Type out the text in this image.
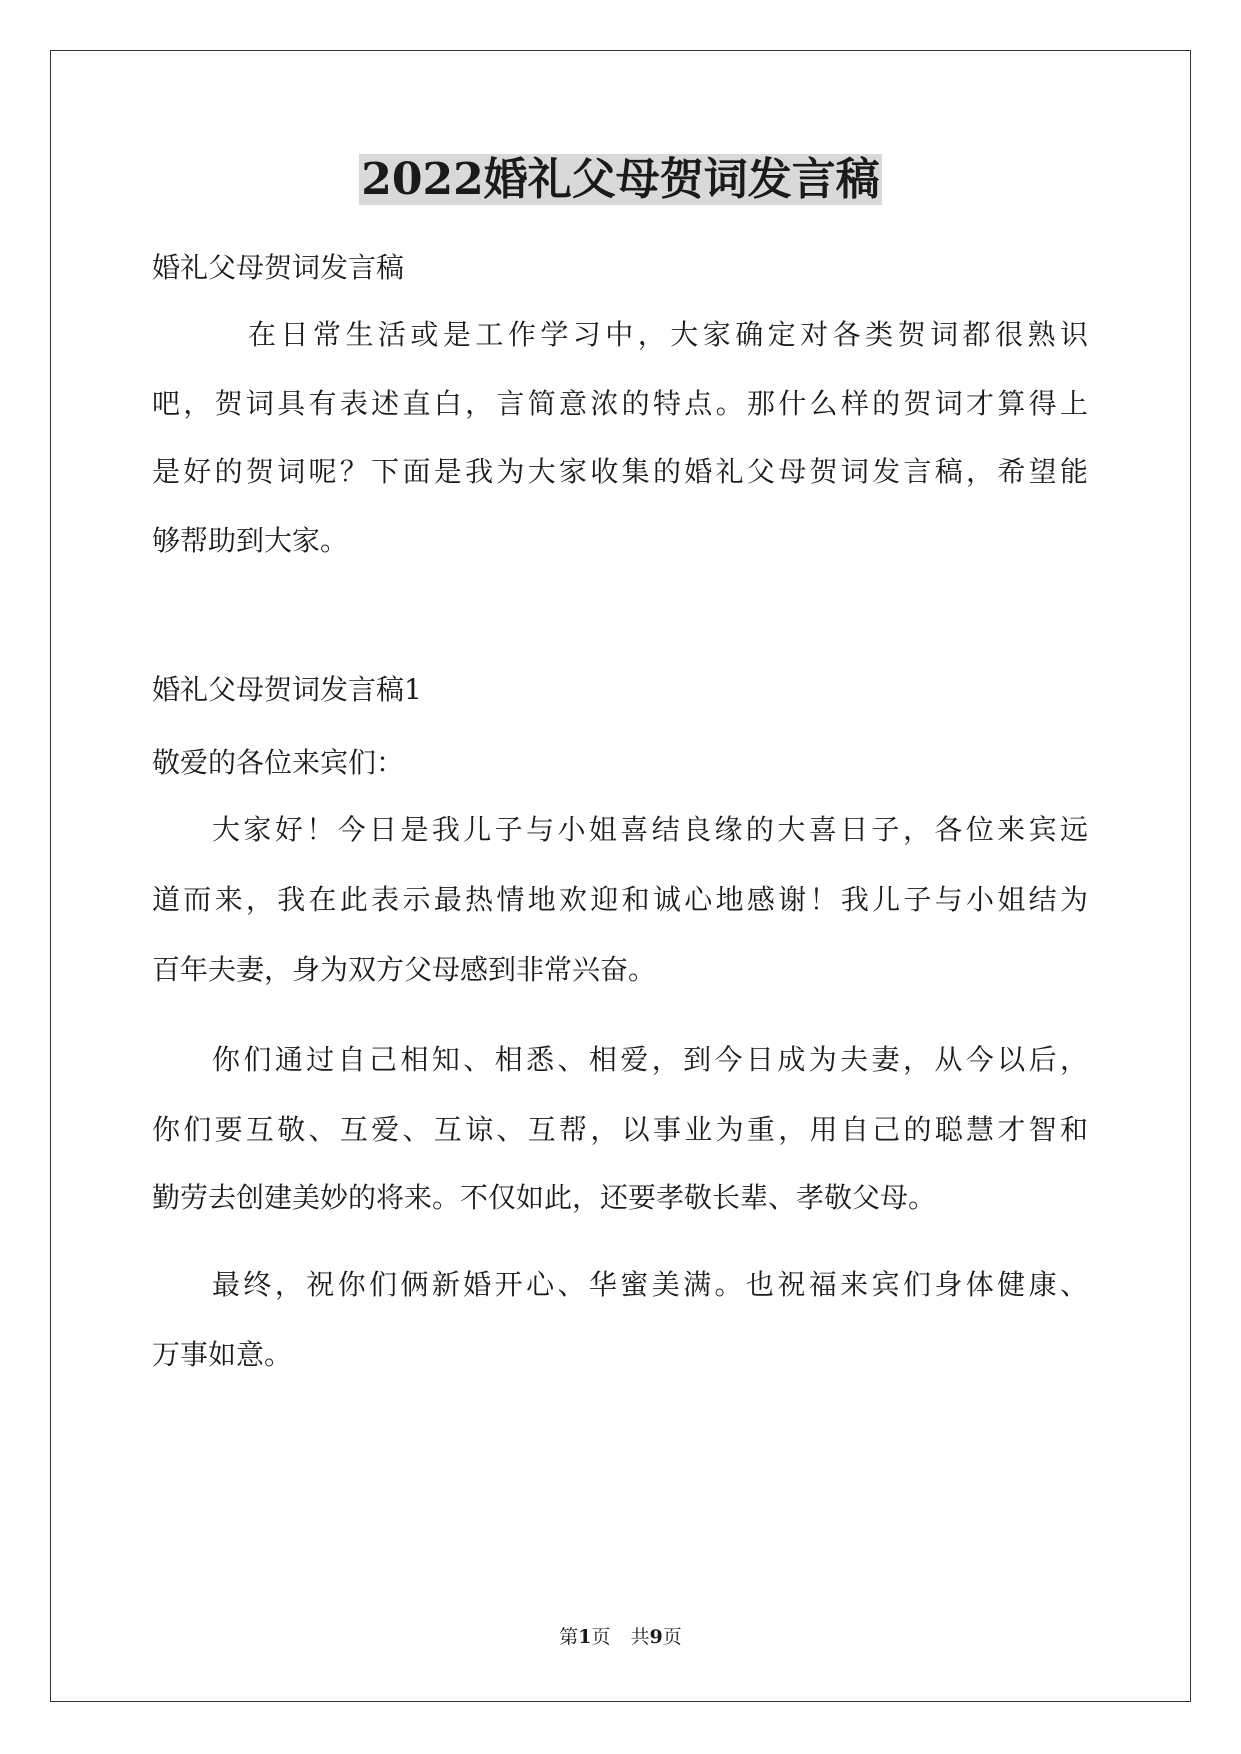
2022婚礼父母贺词发言稿
婚礼父母贺词发言稿
在日常生活或是工作学习中，大家确定对各类贺词都很熟识
吧，贺词具有表述直白，言简意浓的特点。那什么样的贺词才算得上
是好的贺词呢？下面是我为大家收集的婚礼父母贺词发言稿，希望能
够帮助到大家。
婚礼父母贺词发言稿1
敬爱的各位来宾们：
大家好！今日是我儿子与小姐喜结良缘的大喜日子，各位来宾远
道而来，我在此表示最热情地欢迎和诚心地感谢！我儿子与小姐结为
百年夫妻，身为双方父母感到非常兴奋。
你们通过自己相知、相悉、相爱，到今日成为夫妻，从今以后，
你们要互敬、互爱、互谅、互帮，以事业为重，用自己的聪慧才智和
勤劳去创建美妙的将来。不仅如此，还要孝敬长辈、孝敬父母。
最终，祝你们俩新婚开心、华蜜美满。也祝福来宾们身体健康、
万事如意。
第1页 共9页
